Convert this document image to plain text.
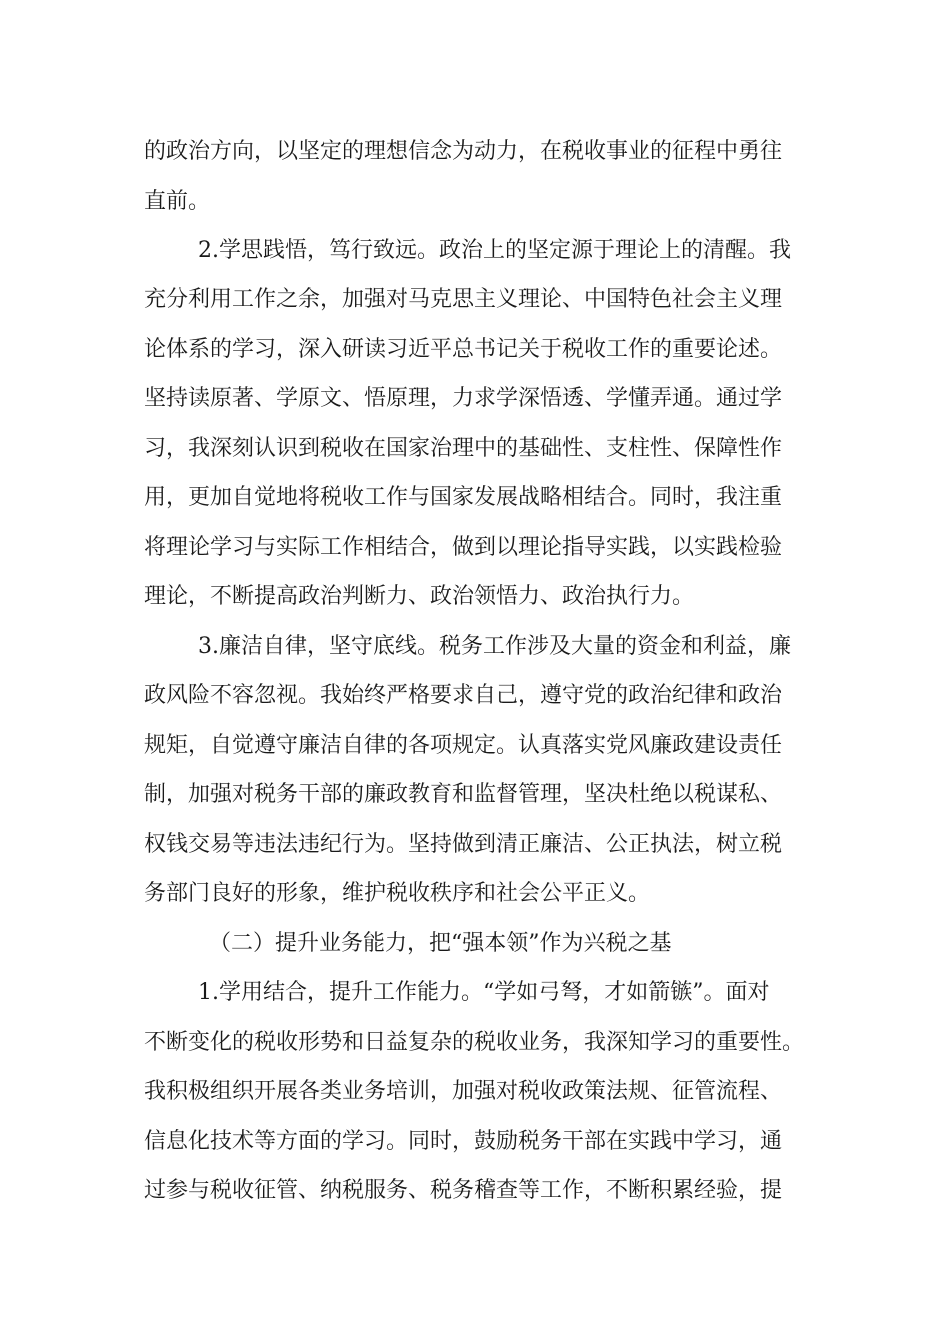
的政治方向，以坚定的理想信念为动力，在税收事业的征程中勇往
直前。
2.学思践悟，笃行致远。政治上的坚定源于理论上的清醒。我
充分利用工作之余，加强对马克思主义理论、中国特色社会主义理
论体系的学习，深入研读习近平总书记关于税收工作的重要论述。
坚持读原著、学原文、悟原理，力求学深悟透、学懂弄通。通过学
习，我深刻认识到税收在国家治理中的基础性、支柱性、保障性作
用，更加自觉地将税收工作与国家发展战略相结合。同时，我注重
将理论学习与实际工作相结合，做到以理论指导实践，以实践检验
理论，不断提高政治判断力、政治领悟力、政治执行力。
3.廉洁自律，坚守底线。税务工作涉及大量的资金和利益，廉
政风险不容忽视。我始终严格要求自己，遵守党的政治纪律和政治
规矩，自觉遵守廉洁自律的各项规定。认真落实党风廉政建设责任
制，加强对税务干部的廉政教育和监督管理，坚决杜绝以税谋私、
权钱交易等违法违纪行为。坚持做到清正廉洁、公正执法，树立税
务部门良好的形象，维护税收秩序和社会公平正义。
（二）提升业务能力，把“强本领”作为兴税之基
1.学用结合，提升工作能力。“学如弓弩，才如箭镞”。面对
不断变化的税收形势和日益复杂的税收业务，我深知学习的重要性。
我积极组织开展各类业务培训，加强对税收政策法规、征管流程、
信息化技术等方面的学习。同时，鼓励税务干部在实践中学习，通
过参与税收征管、纳税服务、税务稽查等工作，不断积累经验，提
